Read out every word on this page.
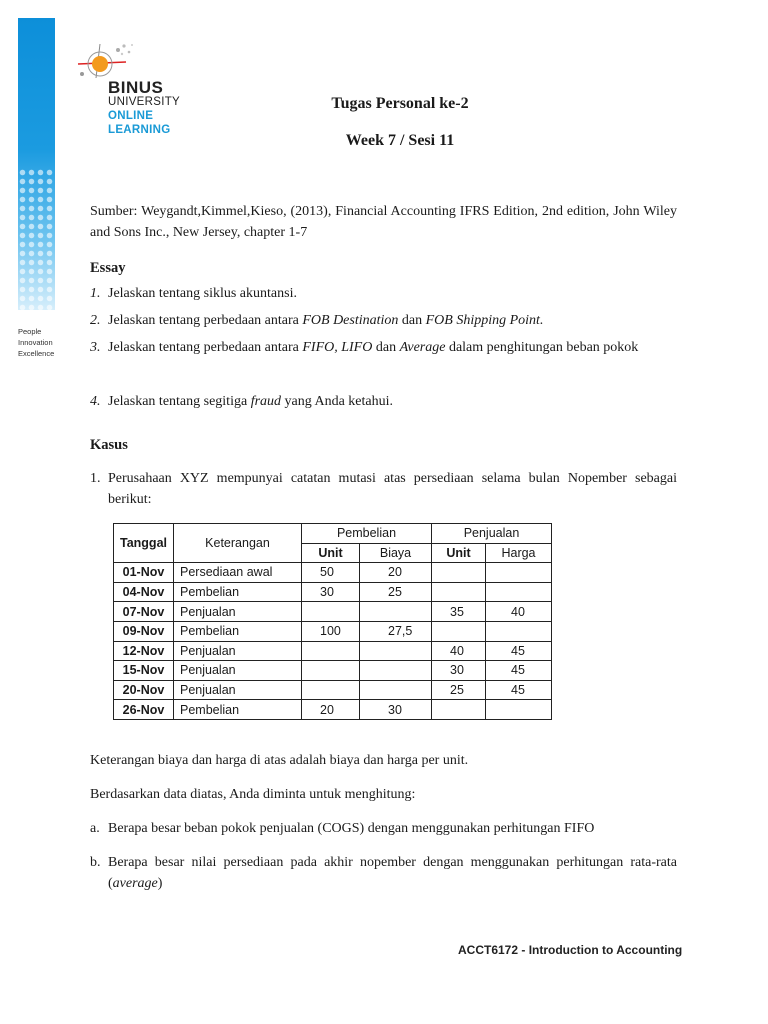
People
Innovation
Excellence
BINUS
UNIVERSITY
ONLINE
LEARNING
Tugas Personal ke-2
Week 7 / Sesi 11
Sumber: Weygandt,Kimmel,Kieso, (2013), Financial Accounting IFRS Edition, 2nd edition, John Wiley and Sons Inc., New Jersey, chapter 1-7
Essay
1. Jelaskan tentang siklus akuntansi.
2. Jelaskan tentang perbedaan antara FOB Destination dan FOB Shipping Point.
3. Jelaskan tentang perbedaan antara FIFO, LIFO dan Average dalam penghitungan beban pokok
4. Jelaskan tentang segitiga fraud yang Anda ketahui.
Kasus
1. Perusahaan XYZ mempunyai catatan mutasi atas persediaan selama bulan Nopember sebagai berikut:
Tanggal	Keterangan	Pembelian		Penjualan	
		Unit	Biaya	Unit	Harga
01-Nov	Persediaan awal	50	20		
04-Nov	Pembelian	30	25		
07-Nov	Penjualan			35	40
09-Nov	Pembelian	100	27,5		
12-Nov	Penjualan			40	45
15-Nov	Penjualan			30	45
20-Nov	Penjualan			25	45
26-Nov	Pembelian	20	30		
Keterangan biaya dan harga di atas adalah biaya dan harga per unit.
Berdasarkan data diatas, Anda diminta untuk menghitung:
a. Berapa besar beban pokok penjualan (COGS) dengan menggunakan perhitungan FIFO
b. Berapa besar nilai persediaan pada akhir nopember dengan menggunakan perhitungan rata-rata (average)
ACCT6172 - Introduction to Accounting
